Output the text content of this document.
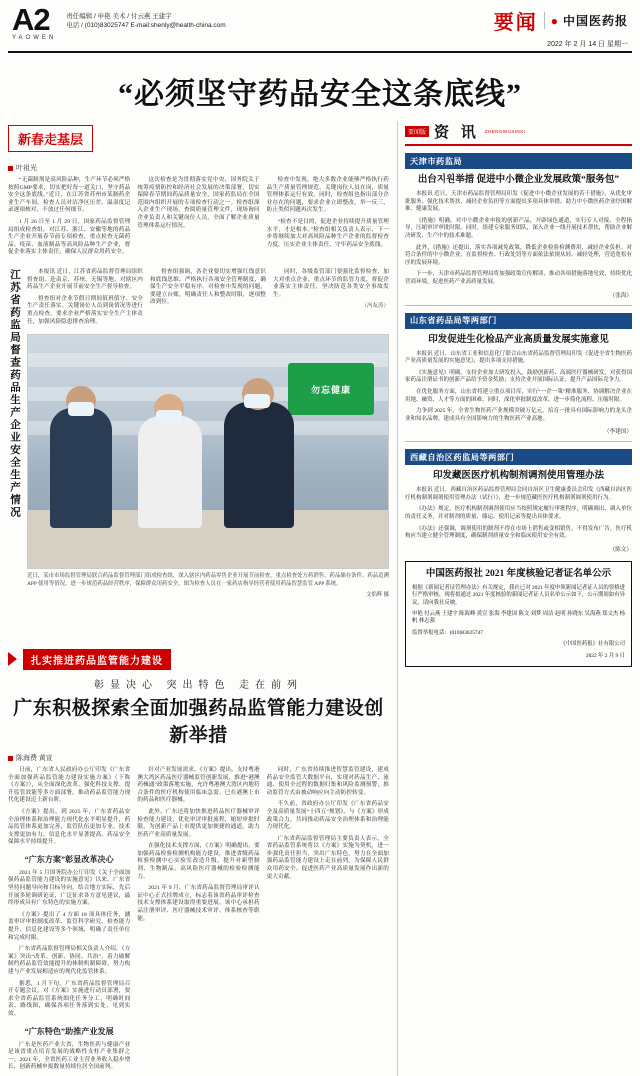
A2
YAOWEN
责任编辑 / 申艳 美术 / 付云燕 王建宇
电话 / (010)83025747 E-mail:shenly@health-china.com	要闻	● 中国医药报
2022 年 2 月 14 日 星期一
“必须坚守药品安全这条底线”
新春走基层
叶祖光

“无菌制剂是高风险品种，生产环节必须严格按照GMP要求，切实把好每一道关口，坚守药品安全这条底线。”近日，在江苏省苏州市某制药企业生产车间，检查人员对洁净区压差、温湿度记录逐项核对，不放过任何细节。

1 月 26 日至 1 月 29 日，国家药品监督管理局组成检查组，对江苏、浙江、安徽等地的药品生产企业开展春节前专项检查，重点检查无菌药品、疫苗、血液制品等高风险品种生产企业，督促企业落实主体责任，确保人民群众用药安全。

这次检查是为贯彻落实党中央、国务院关于统筹疫情防控和经济社会发展的决策部署，切实保障春节期间药品质量安全，国家药监局在全国范围内组织开展的专项检查行动之一。检查组深入企业生产现场，查阅质量管理文件，现场询问企业负责人和关键岗位人员，全面了解企业质量管理体系运行情况。

检查中发现，绝大多数企业能够严格执行药品生产质量管理规范，关键岗位人员在岗，质量管理体系运行有效。同时，检查组也指出部分企业存在的问题，要求企业立即整改，举一反三，防止类似问题再次发生。

“检查不是目的，促进企业持续提升质量管理水平，才是根本。”检查组相关负责人表示，下一步将继续加大对高风险品种生产企业的监督检查力度，压实企业主体责任，守牢药品安全底线。

江苏省药监局督查药品生产企业安全生产情况	本报讯 近日，江苏省药品监督管理局组织督查组，赴南京、苏州、无锡等地，对辖区内药品生产企业开展节前安全生产督导检查。

督查组对企业节假日期间值班值守、安全生产责任落实、关键岗位人员到岗情况等进行重点检查，要求企业严格落实安全生产主体责任，加强风险隐患排查治理。

督查组强调，各企业要切实增强红线意识和底线思维，严格执行各项安全管理制度，确保生产安全平稳有序。对检查中发现的问题，要建立台账，明确责任人和整改时限，逐项整改到位。

同时，各级监管部门要强化监督检查，加大对重点企业、重点环节的监管力度，督促企业落实主体责任，坚决防范各类安全事故发生。

（冯友涛）
勿忘健康
近日，某市市场监督管理局联合药品监督管理部门组成检查组，深入辖区内药品零售企业开展节前检查，重点检查处方药销售、药品储存条件、药品追溯APP 使用等情况，进一步规范药品经营秩序，保障群众用药安全。图为检查人员在一家药店指导经营者使用药品智慧监管 APP 系统。
文焰辉 摄
扎实推进药品监管能力建设
彰显决心 突出特色 走在前列
广东积极探索全面加强药品监管能力建设创新举措
陈海费 黄宣

日前，广东省人民政府办公厅印发《广东省全面加强药品监管能力建设实施方案》（下称《方案》），从全面深化改革、强化科技支撑、提升监管效能等多方面部署，推动药品监管能力现代化建设迈上新台阶。

《方案》提出，到 2025 年，广东省药品安全治理体系和治理能力现代化水平明显提升，药品监管体系更加完善，监管队伍更加专业，技术支撑更加有力，信息化水平显著提高，药品安全保障水平持续提升。

“广东方案”彰显改革决心

2021 年 5 月国务院办公厅印发《关于全面加强药品监管能力建设的实施意见》以来，广东省坚持问题导向和目标导向，结合地方实际，先后开展多轮调研论证，广泛征求各方意见建议，最终形成具有广东特色的实施方案。

《方案》提出了 4 方面 18 项具体任务，涵盖审评审批制度改革、监管科学研究、检查能力提升、信息化建设等多个领域，明确了责任单位和完成时限。

广东省药品监督管理局相关负责人介绍，《方案》突出“改革、创新、协同、共治”，着力破解制约药品监管效能提升的体制机制障碍，努力构建与产业发展相适应的现代化监管体系。

据悉，1 月下旬，广东省药品监督管理局召开专题会议，对《方案》实施进行动员部署，要求全省药品监管系统细化任务分工，明确时间表、路线图，确保各项任务落到实处、见到实效。

“广东特色”助推产业发展

广东是医药产业大省，生物医药与健康产业是该省重点培育发展的战略性支柱产业集群之一。2021 年，全省医药工业主营业务收入稳步增长，创新药械申报数量持续位居全国前列。

针对产业发展需求，《方案》提出，支持粤港澳大湾区药品医疗器械监管创新发展，推进“港澳药械通”政策落地实施，允许粤港澳大湾区内地符合条件的医疗机构使用临床急需、已在港澳上市的药品和医疗器械。

此外，广东还将加快推进药品医疗器械审评检查能力建设，优化审评审批流程，缩短审批时限，为创新产品上市提供更加便捷的通道，助力医药产业高质量发展。

在强化技术支撑方面，《方案》明确提出，要加强药品检验检测机构能力建设，推进省级药品检验检测中心实验室改造升级，提升对新型制剂、生物制品、高风险医疗器械的检验检测能力。

2021 年 9 月，广东省药品监督管理局审评认证中心正式挂牌成立，标志着该省药品审评检查技术支撑体系建设取得重要进展。该中心承担药品注册审评、医疗器械技术审评、体系核查等职能。

同时，广东省持续推进智慧监管建设，建成药品安全监管大数据平台，实现对药品生产、流通、使用全过程的数据归集和风险监测预警，推动监管方式由被动响应向主动防控转变。

不久前，省政府办公厅印发《广东省药品安全及高质量发展“十四五”规划》，与《方案》形成政策合力，共同推动药品安全治理体系和治理能力现代化。

广东省药品监督管理局主要负责人表示，全省药品监管系统将以《方案》实施为契机，进一步强化责任担当，突出广东特色，努力在全面加强药品监管能力建设上走在前列，为保障人民群众用药安全、促进医药产业高质量发展作出新的更大贡献。

要闻版 资 讯 ZHENGWUXINXI
天津市药监局
出台지원举措 促进中小微企业发展政策“服务包”

本报讯 近日，天津市药品监督管理局印发《促进中小微企业发展的若干措施》，从优化审批服务、强化技术帮扶、减轻企业负担等方面提出多项具体举措，助力中小微医药企业纾困解难、健康发展。

《措施》明确，对中小微企业申报的创新产品，开辟绿色通道，实行专人对接、全程指导，压缩审评审批时限。同时，组建专家服务团队，深入企业一线开展技术帮扶，帮助企业解决研发、生产中的技术难题。

此外，《措施》还提出，落实各项减免政策，降低企业检验检测费用，减轻企业负担。对符合条件的中小微企业，在监督检查、行政处罚等方面依法依规从轻、减轻处理，营造宽松有序的发展环境。

下一步，天津市药品监督管理局将加强政策宣传解读，推动各项措施落地见效，持续优化营商环境，促进医药产业高质量发展。

（张海）
山东省药品局等两部门
印发促进生化检品产业高质量发展实施意见

本报讯 近日，山东省工业和信息化厅联合山东省药品监督管理局印发《促进全省生物医药产业高质量发展的实施意见》，提出多项支持措施。

《实施意见》明确，支持企业加大研发投入，鼓励创新药、高端医疗器械研发，对获得国家药品注册证书的创新产品给予资金奖励；支持企业开展国际认证，提升产品国际竞争力。

在优化服务方面，山东省将建立重点项目库，实行“一企一策”精准服务，协调解决企业在用地、融资、人才等方面的困难。同时，深化审批制度改革，进一步简化流程、压缩时限。

力争到 2025 年，全省生物医药产业规模突破万亿元，培育一批具有国际影响力的龙头企业和知名品牌，建成具有全国影响力的生物医药产业高地。

（李建国）
西藏自治区药监局等两部门
印发藏医医疗机构制剂调剂使用管理办法

本报讯 近日，西藏自治区药品监督管理局会同自治区卫生健康委员会印发《西藏自治区医疗机构制剂调剂使用管理办法（试行）》，进一步规范藏医医疗机构制剂调剂使用行为。

《办法》规定，医疗机构制剂调剂使用应当按照规定履行审批程序，明确调出、调入单位的责任义务，并对制剂的质量、储运、使用记录等提出具体要求。

《办法》还强调，调剂使用的制剂不得在市场上销售或变相销售，不得发布广告。医疗机构应当建立健全管理制度，确保制剂质量安全和临床使用安全有效。

（陈文）
中国医药报社 2021 年度核验记者证名单公示
根据《新闻记者证管理办法》有关规定，我社已对 2021 年度申领新闻记者证人员的资格进行严格审核，现将拟通过 2021 年度核验的新闻记者证人员名单公示如下，公示期间如有异议，请向我社反映。
申艳 付云燕 王建宇 陈海峰 黄宣 张海 李建国 陈文 刘梦 周洁 赵明 孙晓东 吴海燕 郑文杰 杨帆 林志强
监督举报电话：(010)83025747
《中国医药报》社有限公司
2022 年 2 月 9 日
